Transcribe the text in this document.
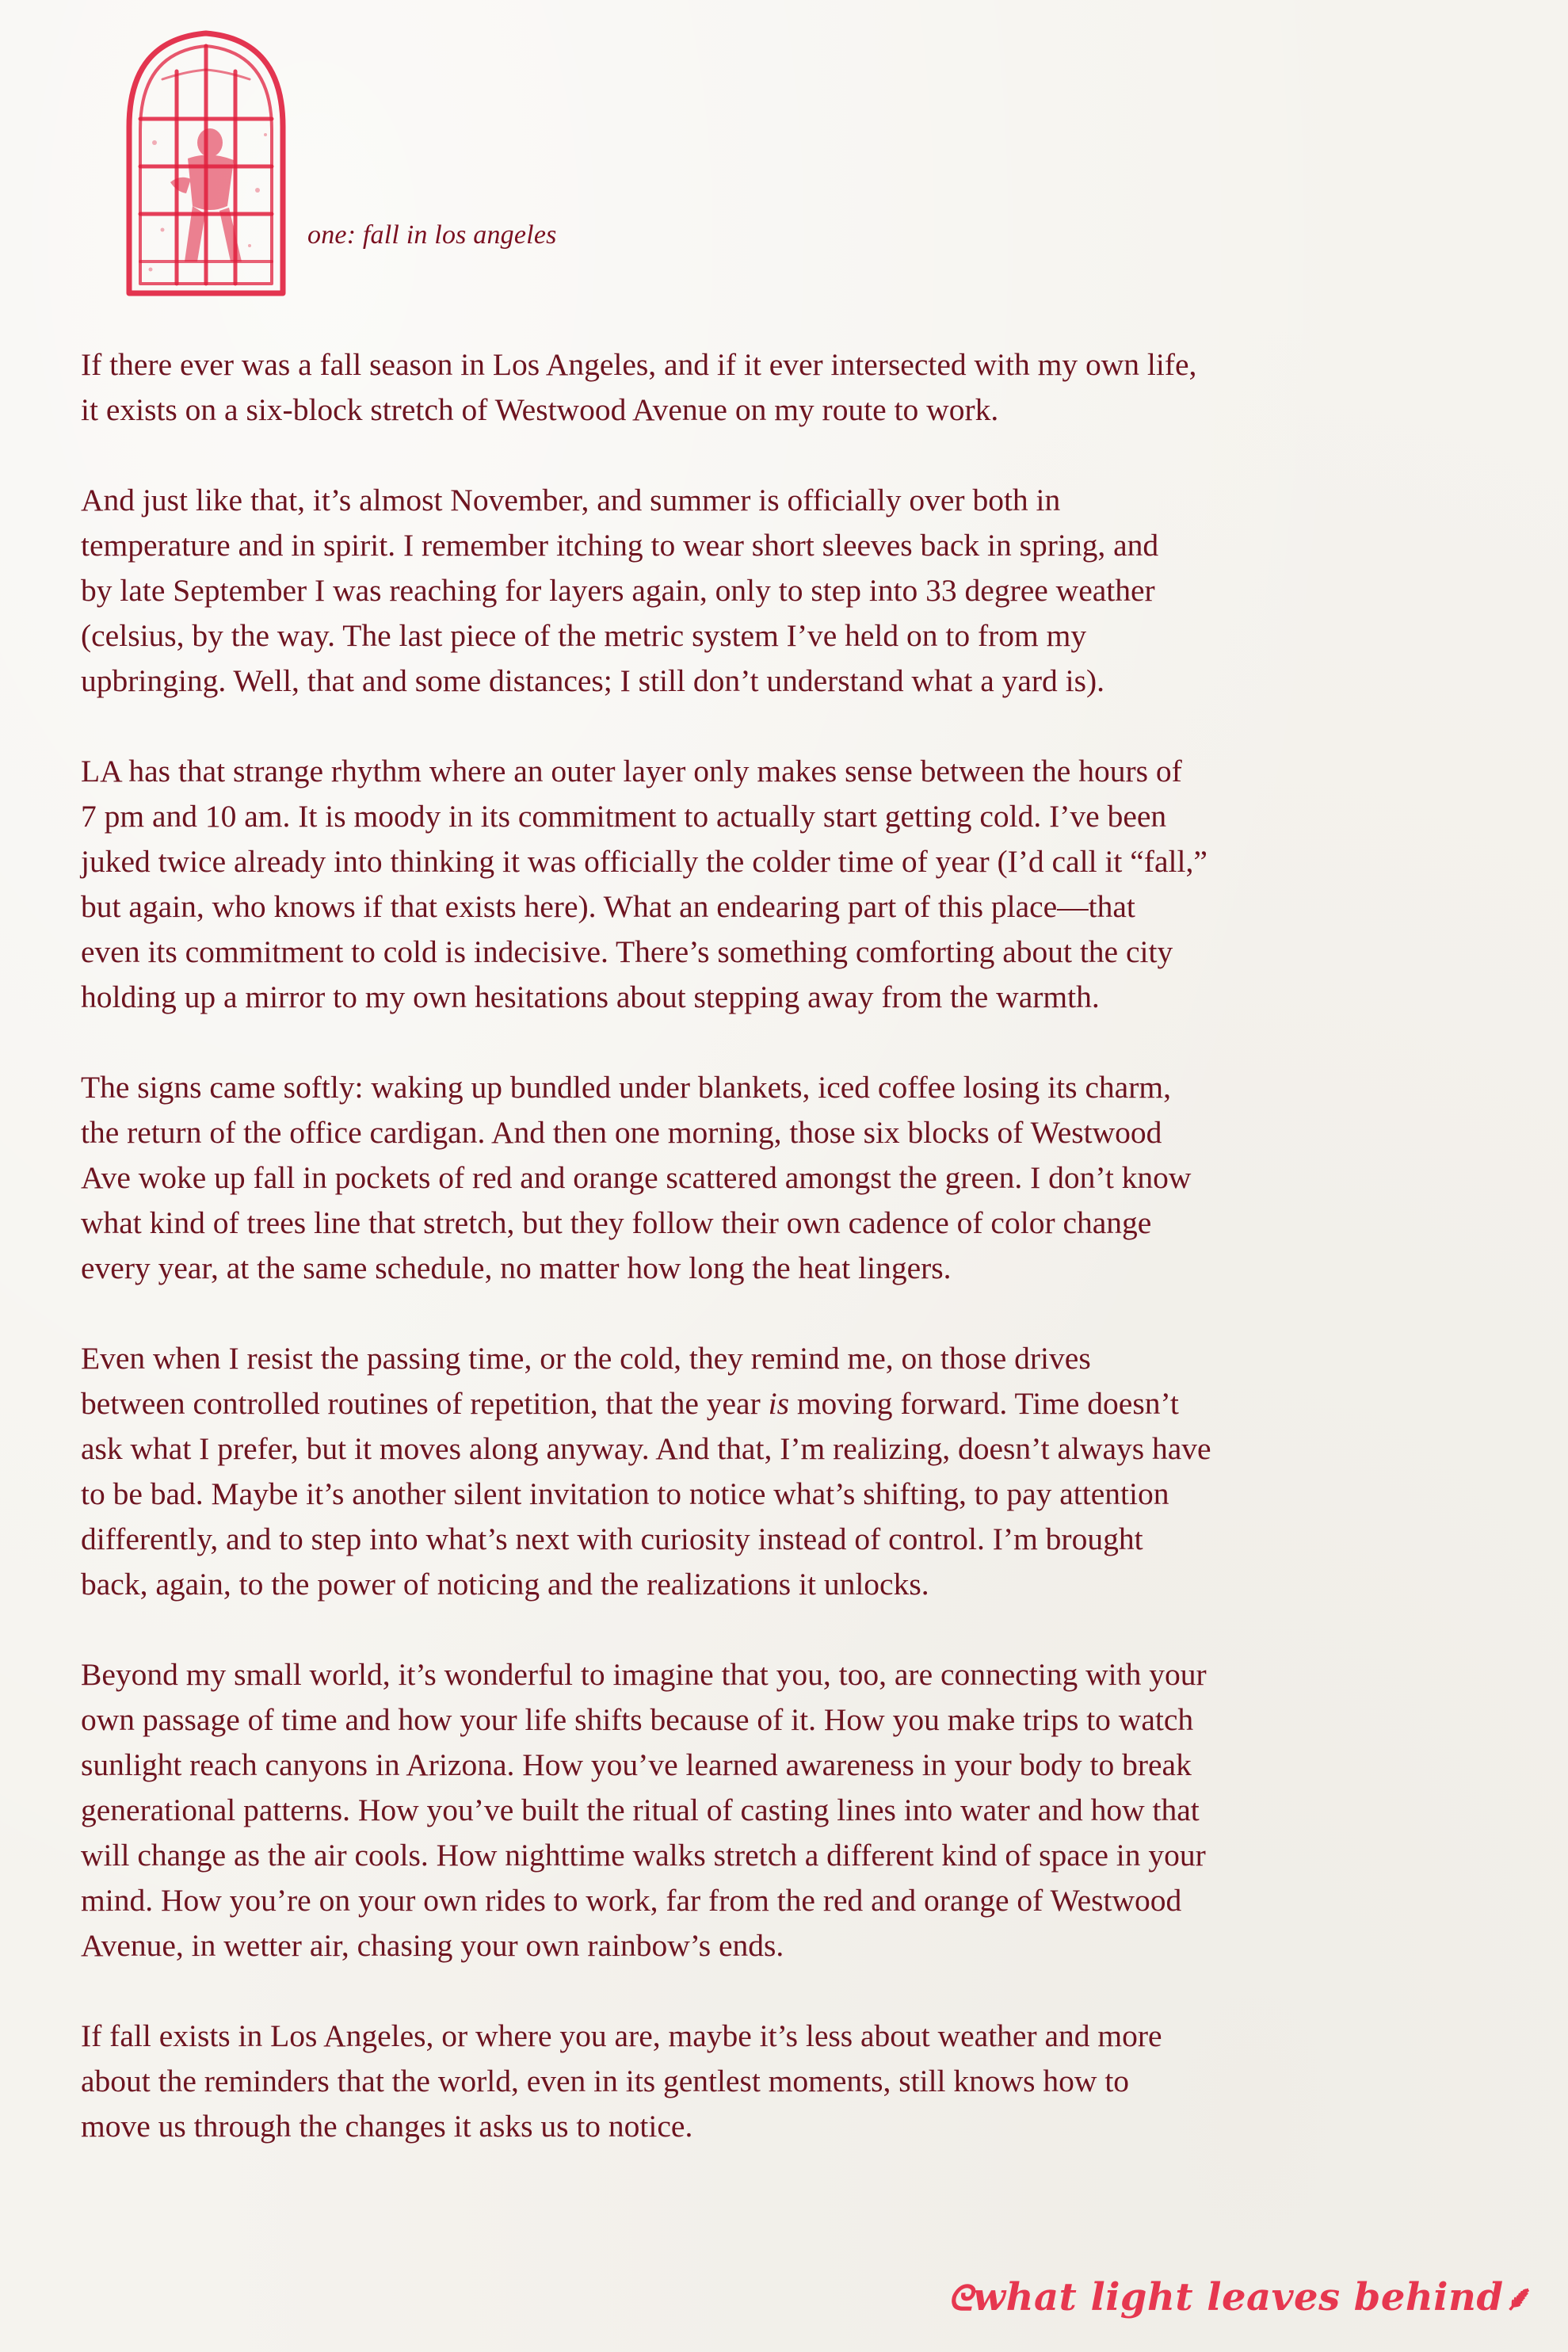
one: fall in los angeles

If there ever was a fall season in Los Angeles, and if it ever intersected with my own life,
it exists on a six-block stretch of Westwood Avenue on my route to work.

And just like that, it’s almost November, and summer is officially over both in
temperature and in spirit. I remember itching to wear short sleeves back in spring, and
by late September I was reaching for layers again, only to step into 33 degree weather
(celsius, by the way. The last piece of the metric system I’ve held on to from my
upbringing. Well, that and some distances; I still don’t understand what a yard is).

LA has that strange rhythm where an outer layer only makes sense between the hours of
7 pm and 10 am. It is moody in its commitment to actually start getting cold. I’ve been
juked twice already into thinking it was officially the colder time of year (I’d call it “fall,”
but again, who knows if that exists here). What an endearing part of this place—that
even its commitment to cold is indecisive. There’s something comforting about the city
holding up a mirror to my own hesitations about stepping away from the warmth.

The signs came softly: waking up bundled under blankets, iced coffee losing its charm,
the return of the office cardigan. And then one morning, those six blocks of Westwood
Ave woke up fall in pockets of red and orange scattered amongst the green. I don’t know
what kind of trees line that stretch, but they follow their own cadence of color change
every year, at the same schedule, no matter how long the heat lingers.

Even when I resist the passing time, or the cold, they remind me, on those drives
between controlled routines of repetition, that the year is moving forward. Time doesn’t
ask what I prefer, but it moves along anyway. And that, I’m realizing, doesn’t always have
to be bad. Maybe it’s another silent invitation to notice what’s shifting, to pay attention
differently, and to step into what’s next with curiosity instead of control. I’m brought
back, again, to the power of noticing and the realizations it unlocks.

Beyond my small world, it’s wonderful to imagine that you, too, are connecting with your
own passage of time and how your life shifts because of it. How you make trips to watch
sunlight reach canyons in Arizona. How you’ve learned awareness in your body to break
generational patterns. How you’ve built the ritual of casting lines into water and how that
will change as the air cools. How nighttime walks stretch a different kind of space in your
mind. How you’re on your own rides to work, far from the red and orange of Westwood
Avenue, in wetter air, chasing your own rainbow’s ends.

If fall exists in Los Angeles, or where you are, maybe it’s less about weather and more
about the reminders that the world, even in its gentlest moments, still knows how to
move us through the changes it asks us to notice.

ᘓwhat light leaves behind⸙
